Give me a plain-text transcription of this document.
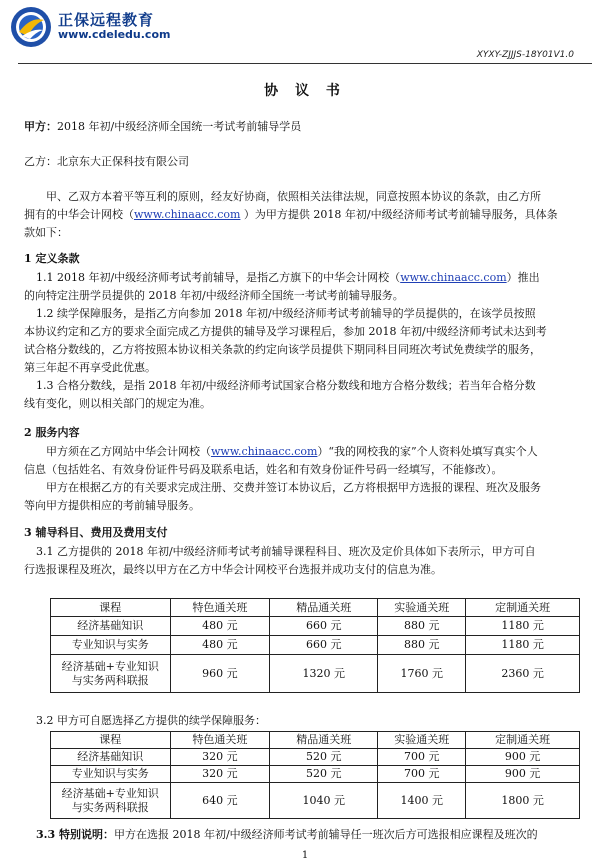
正保远程教育
www.cdeledu.com
XYXY-ZJJJS-18Y01V1.0
协 议 书
甲方：2018 年初/中级经济师全国统一考试考前辅导学员
乙方：北京东大正保科技有限公司
甲、乙双方本着平等互利的原则，经友好协商，依照相关法律法规，同意按照本协议的条款，由乙方所
拥有的中华会计网校（www.chinaacc.com ）为甲方提供 2018 年初/中级经济师考试考前辅导服务，具体条
款如下：
1 定义条款
1.1 2018 年初/中级经济师考试考前辅导，是指乙方旗下的中华会计网校（www.chinaacc.com）推出
的向特定注册学员提供的 2018 年初/中级经济师全国统一考试考前辅导服务。
1.2 续学保障服务，是指乙方向参加 2018 年初/中级经济师考试考前辅导的学员提供的，在该学员按照
本协议约定和乙方的要求全面完成乙方提供的辅导及学习课程后，参加 2018 年初/中级经济师考试未达到考
试合格分数线的，乙方将按照本协议相关条款的约定向该学员提供下期同科目同班次考试免费续学的服务，
第三年起不再享受此优惠。
1.3 合格分数线，是指 2018 年初/中级经济师考试国家合格分数线和地方合格分数线；若当年合格分数
线有变化，则以相关部门的规定为准。
2 服务内容
甲方须在乙方网站中华会计网校（www.chinaacc.com）“我的网校我的家”个人资料处填写真实个人
信息（包括姓名、有效身份证件号码及联系电话，姓名和有效身份证件号码一经填写，不能修改）。
甲方在根据乙方的有关要求完成注册、交费并签订本协议后，乙方将根据甲方选报的课程、班次及服务
等向甲方提供相应的考前辅导服务。
3 辅导科目、费用及费用支付
3.1 乙方提供的 2018 年初/中级经济师考试考前辅导课程科目、班次及定价具体如下表所示，甲方可自
行选报课程及班次，最终以甲方在乙方中华会计网校平台选报并成功支付的信息为准。
课程	特色通关班	精品通关班	实验通关班	定制通关班
经济基础知识	480 元	660 元	880 元	1180 元
专业知识与实务	480 元	660 元	880 元	1180 元

经济基础+专业知识
与实务两科联报	960 元	1320 元	1760 元	2360 元
3.2 甲方可自愿选择乙方提供的续学保障服务：
课程	特色通关班	精品通关班	实验通关班	定制通关班
经济基础知识	320 元	520 元	700 元	900 元
专业知识与实务	320 元	520 元	700 元	900 元

经济基础+专业知识
与实务两科联报	640 元	1040 元	1400 元	1800 元
3.3 特别说明：甲方在选报 2018 年初/中级经济师考试考前辅导任一班次后方可选报相应课程及班次的
1
